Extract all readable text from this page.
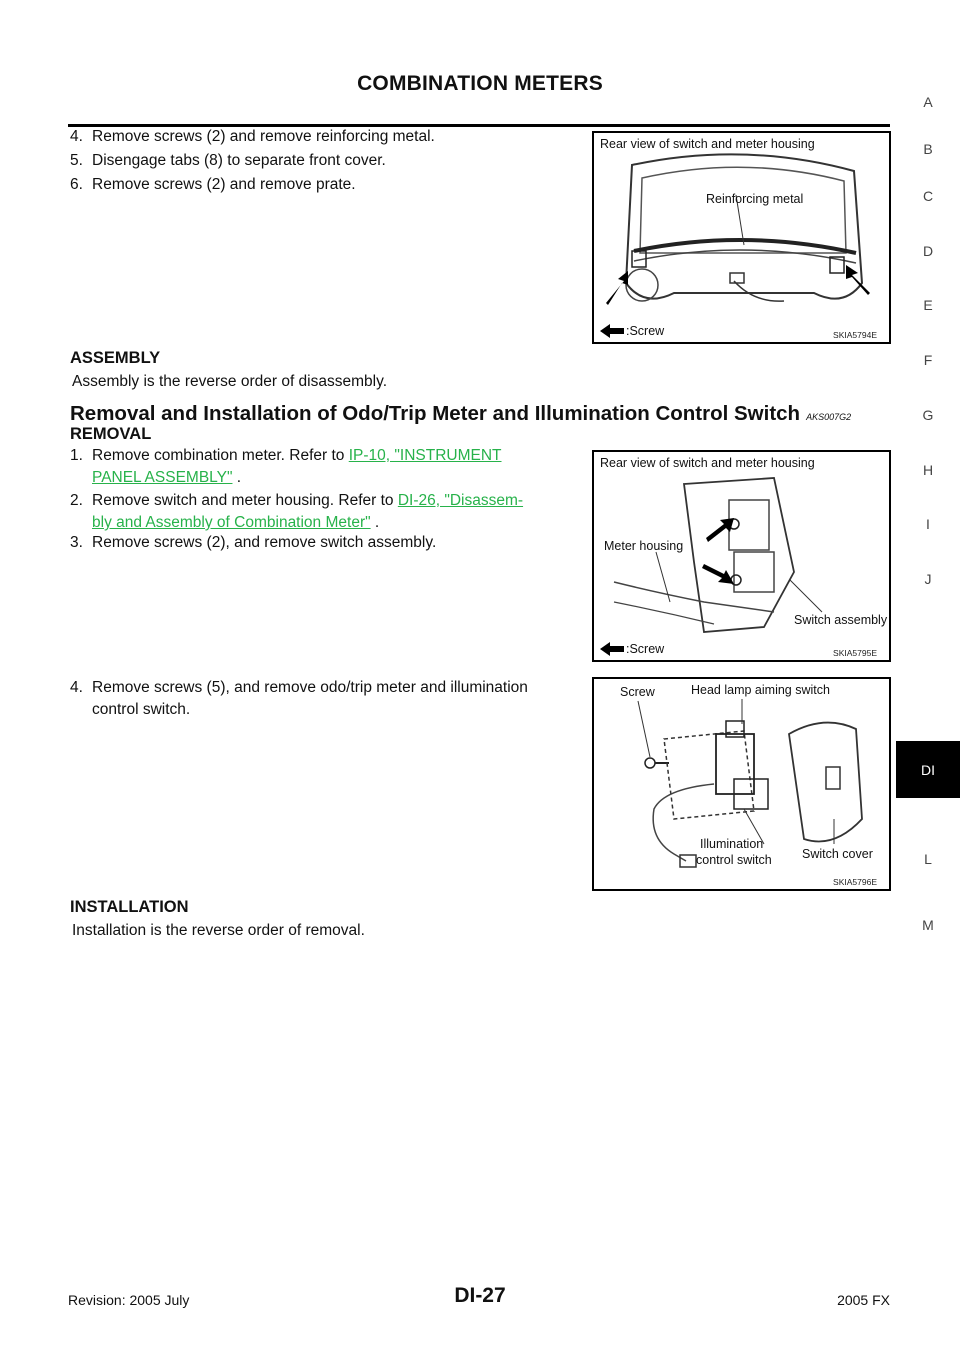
COMBINATION METERS
4. Remove screws (2) and remove reinforcing metal.
5. Disengage tabs (8) to separate front cover.
6. Remove screws (2) and remove prate.
Rear view of switch and meter housing
Reinforcing metal
:Screw	SKIA5794E
ASSEMBLY
Assembly is the reverse order of disassembly.
Removal and Installation of Odo/Trip Meter and Illumination Control Switch AKS007G2
REMOVAL
1. Remove combination meter. Refer to IP-10, "INSTRUMENT
PANEL ASSEMBLY" .
2. Remove switch and meter housing. Refer to DI-26, "Disassem-
bly and Assembly of Combination Meter" .
3. Remove screws (2), and remove switch assembly.
Rear view of switch and meter housing
Meter housing
Switch assembly
:Screw	SKIA5795E
4. Remove screws (5), and remove odo/trip meter and illumination
control switch.
Screw	Head lamp aiming switch
Illumination
control switch Switch cover
SKIA5796E
INSTALLATION
Installation is the reverse order of removal.
A
B
C
D
E
F
G
H
I
J
DI
L
M
Revision: 2005 July	DI-27	2005 FX
